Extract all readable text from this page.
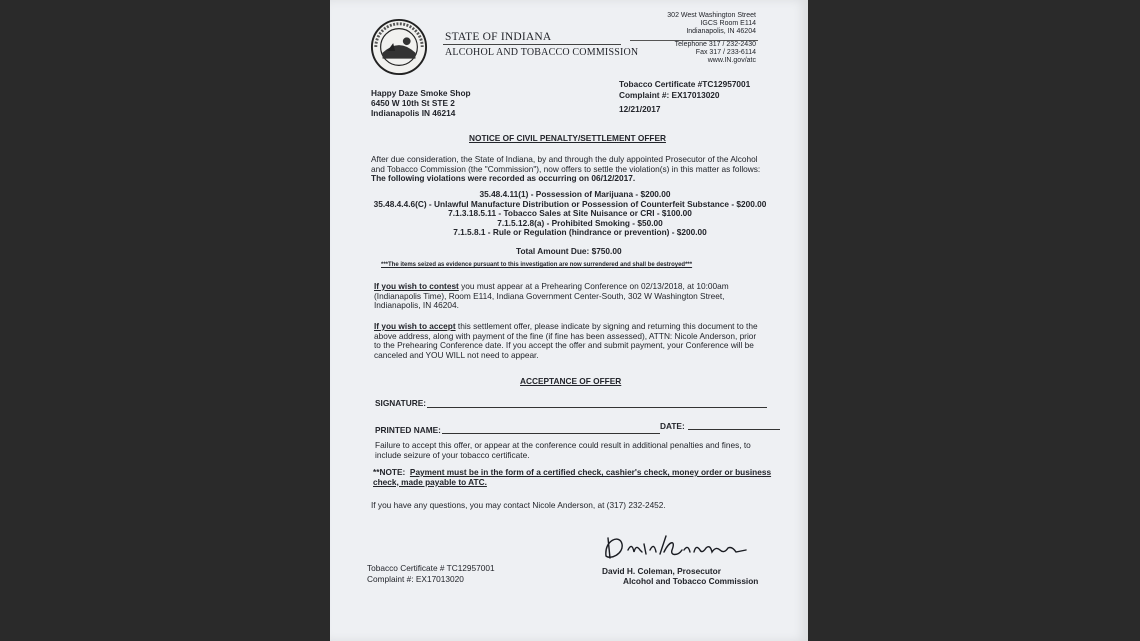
STATE OF INDIANA
ALCOHOL AND TOBACCO COMMISSION
302 West Washington Street
IGCS Room E114
Indianapolis, IN 46204
Telephone 317 / 232-2430
Fax 317 / 233-6114
www.IN.gov/atc
Happy Daze Smoke Shop
6450 W 10th St STE 2
Indianapolis IN 46214
Tobacco Certificate #TC12957001
Complaint #: EX17013020
12/21/2017
NOTICE OF CIVIL PENALTY/SETTLEMENT OFFER
After due consideration, the State of Indiana, by and through the duly appointed Prosecutor of the Alcohol
and Tobacco Commission (the "Commission"), now offers to settle the violation(s) in this matter as follows:
The following violations were recorded as occurring on 06/12/2017.
35.48.4.11(1) - Possession of Marijuana - $200.00
35.48.4.4.6(C) - Unlawful Manufacture Distribution or Possession of Counterfeit Substance - $200.00
7.1.3.18.5.11 - Tobacco Sales at Site Nuisance or CRI - $100.00
7.1.5.12.8(a) - Prohibited Smoking - $50.00
7.1.5.8.1 - Rule or Regulation (hindrance or prevention) - $200.00
Total Amount Due: $750.00
***The items seized as evidence pursuant to this investigation are now surrendered and shall be destroyed***
If you wish to contest you must appear at a Prehearing Conference on 02/13/2018, at 10:00am
(Indianapolis Time), Room E114, Indiana Government Center-South, 302 W Washington Street,
Indianapolis, IN 46204.
If you wish to accept this settlement offer, please indicate by signing and returning this document to the
above address, along with payment of the fine (if fine has been assessed), ATTN: Nicole Anderson, prior
to the Prehearing Conference date. If you accept the offer and submit payment, your Conference will be
canceled and YOU WILL not need to appear.
ACCEPTANCE OF OFFER
SIGNATURE:
PRINTED NAME:	DATE:
Failure to accept this offer, or appear at the conference could result in additional penalties and fines, to
include seizure of your tobacco certificate.
**NOTE: Payment must be in the form of a certified check, cashier's check, money order or business
check, made payable to ATC.
If you have any questions, you may contact Nicole Anderson, at (317) 232-2452.
David H. Coleman, Prosecutor
Alcohol and Tobacco Commission
Tobacco Certificate # TC12957001
Complaint #: EX17013020
